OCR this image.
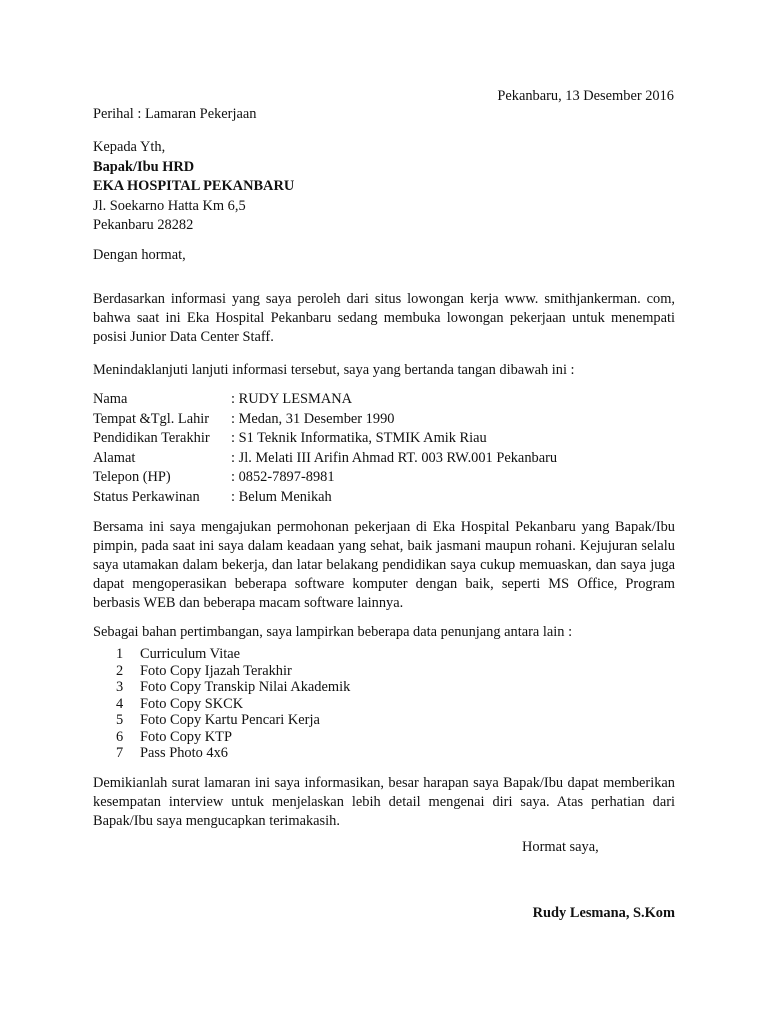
Pekanbaru, 13 Desember 2016
Perihal : Lamaran Pekerjaan
Kepada Yth,
Bapak/Ibu HRD
EKA HOSPITAL PEKANBARU
Jl. Soekarno Hatta Km 6,5
Pekanbaru 28282
Dengan hormat,

Berdasarkan informasi yang saya peroleh dari situs lowongan kerja www. smithjankerman. com, bahwa saat ini Eka Hospital Pekanbaru sedang membuka lowongan pekerjaan untuk menempati posisi Junior Data Center Staff.

Menindaklanjuti lanjuti informasi tersebut, saya yang bertanda tangan dibawah ini :

Nama	: RUDY LESMANA
Tempat &Tgl. Lahir	: Medan, 31 Desember 1990
Pendidikan Terakhir	: S1 Teknik Informatika, STMIK Amik Riau
Alamat	: Jl. Melati III Arifin Ahmad RT. 003 RW.001 Pekanbaru
Telepon (HP)	: 0852-7897-8981
Status Perkawinan	: Belum Menikah

Bersama ini saya mengajukan permohonan pekerjaan di Eka Hospital Pekanbaru yang Bapak/Ibu pimpin, pada saat ini saya dalam keadaan yang sehat, baik jasmani maupun rohani. Kejujuran selalu saya utamakan dalam bekerja, dan latar belakang pendidikan saya cukup memuaskan, dan saya juga dapat mengoperasikan beberapa software komputer dengan baik, seperti MS Office, Program berbasis WEB dan beberapa macam software lainnya.

Sebagai bahan pertimbangan, saya lampirkan beberapa data penunjang antara lain :

1	Curriculum Vitae
2	Foto Copy Ijazah Terakhir
3	Foto Copy Transkip Nilai Akademik
4	Foto Copy SKCK
5	Foto Copy Kartu Pencari Kerja
6	Foto Copy KTP
7	Pass Photo 4x6

Demikianlah surat lamaran ini saya informasikan, besar harapan saya Bapak/Ibu dapat memberikan kesempatan interview untuk menjelaskan lebih detail mengenai diri saya. Atas perhatian dari Bapak/Ibu saya mengucapkan terimakasih.

Hormat saya,
Rudy Lesmana, S.Kom
